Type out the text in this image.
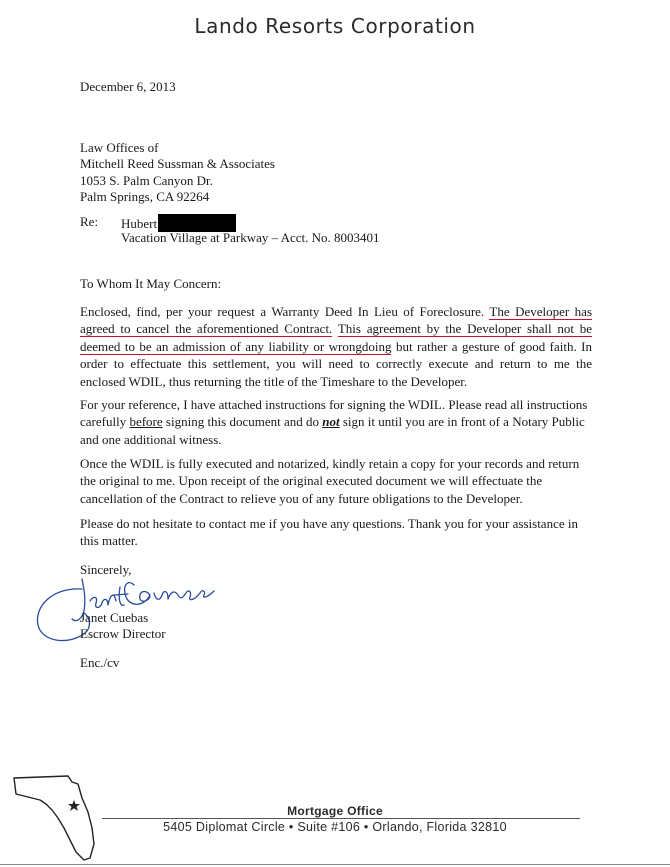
Lando Resorts Corporation
December 6, 2013
Law Offices of
Mitchell Reed Sussman & Associates
1053 S. Palm Canyon Dr.
Palm Springs, CA 92264
Re: Hubert
Vacation Village at Parkway – Acct. No. 8003401
To Whom It May Concern:
Enclosed, find, per your request a Warranty Deed In Lieu of Foreclosure. The Developer has agreed to cancel the aforementioned Contract. This agreement by the Developer shall not be deemed to be an admission of any liability or wrongdoing but rather a gesture of good faith. In order to effectuate this settlement, you will need to correctly execute and return to me the enclosed WDIL, thus returning the title of the Timeshare to the Developer.
For your reference, I have attached instructions for signing the WDIL. Please read all instructions carefully before signing this document and do not sign it until you are in front of a Notary Public and one additional witness.
Once the WDIL is fully executed and notarized, kindly retain a copy for your records and return the original to me. Upon receipt of the original executed document we will effectuate the cancellation of the Contract to relieve you of any future obligations to the Developer.
Please do not hesitate to contact me if you have any questions. Thank you for your assistance in this matter.
Sincerely,
Janet Cuebas
Escrow Director
Enc./cv
Mortgage Office
5405 Diplomat Circle • Suite #106 • Orlando, Florida 32810
